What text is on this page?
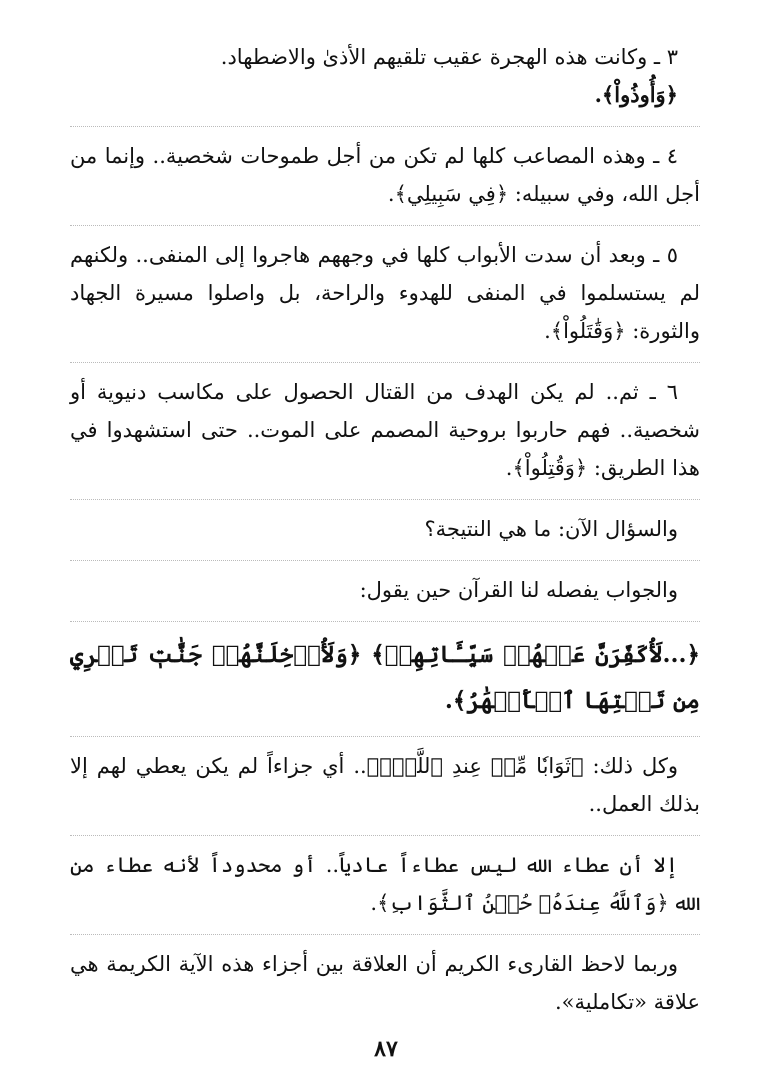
٣ ـ وكانت هذه الهجرة عقيب تلقيهم الأذىٰ والاضطهاد.

﴿وَأُوذُواْ﴾.

٤ ـ وهذه المصاعب كلها لم تكن من أجل طموحات شخصية.. وإنما من أجل الله، وفي سبيله: ﴿فِي سَبِيلِي﴾.

٥ ـ وبعد أن سدت الأبواب كلها في وجههم هاجروا إلى المنفى.. ولكنهم لم يستسلموا في المنفى للهدوء والراحة، بل واصلوا مسيرة الجهاد والثورة: ﴿وَقَٰتَلُواْ﴾.

٦ ـ ثم.. لم يكن الهدف من القتال الحصول على مكاسب دنيوية أو شخصية.. فهم حاربوا بروحية المصمم على الموت.. حتى استشهدوا في هذا الطريق: ﴿وَقُتِلُواْ﴾.

والسؤال الآن: ما هي النتيجة؟

والجواب يفصله لنا القرآن حين يقول:

﴿...لَأُكَفِّرَنَّ عَنۡهُمۡ سَيِّـَٔاتِهِمۡ﴾ ﴿وَلَأُدۡخِلَنَّهُمۡ جَنَّٰتٖ تَجۡرِي مِن تَحۡتِهَا ٱلۡأَنۡهَٰرُ﴾.

وكل ذلك: ﴿ثَوَابٗا مِّنۡ عِندِ ٱللَّهِۚ﴾.. أي جزاءاً لم يكن يعطي لهم إلا بذلك العمل..

إلا أن عطاء الله ليس عطاءاً عادياً.. أو محدوداً لأنه عطاء من الله ﴿وَٱللَّهُ عِندَهُۥ حُسۡنُ ٱلثَّوَابِ﴾.

وربما لاحظ القارىء الكريم أن العلاقة بين أجزاء هذه الآية الكريمة هي علاقة «تكاملية».

٨٧
